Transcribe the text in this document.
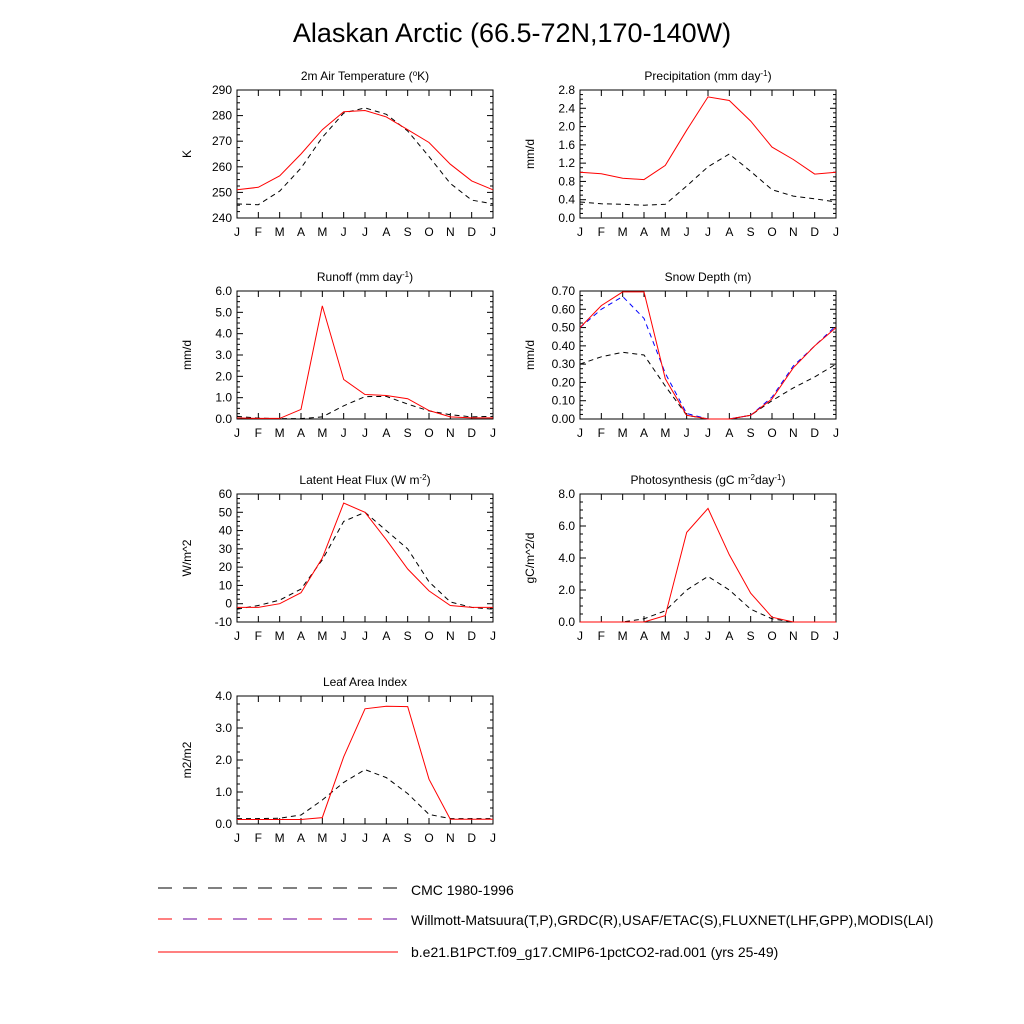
Alaskan Arctic (66.5-72N,170-140W)
J F M A M J J A S O N D J
240
250
260
270
280
290
2m Air Temperature ($^o$K)
K
J F M A M J J A S O N D J
0.0
0.4
0.8
1.2
1.6
2.0
2.4
2.8
Precipitation (mm day$^{-1}$)
mm/d
J F M A M J J A S O N D J
0.0
1.0
2.0
3.0
4.0
5.0
6.0
Runoff (mm day$^{-1}$)
mm/d
J F M A M J J A S O N D J
0.00
0.10
0.20
0.30
0.40
0.50
0.60
0.70
Snow Depth (m)
mm/d
J F M A M J J A S O N D J
-10
0
10
20
30
40
50
60
Latent Heat Flux (W $m^{-2}$)
W/m^2
J F M A M J J A S O N D J
0.0
2.0
4.0
6.0
8.0
Photosynthesis (gC $m^{-2}day^{-1}$)
gC/m^2/d
J F M A M J J A S O N D J
0.0
1.0
2.0
3.0
4.0
Leaf Area Index
m2/m2
CMC 1980-1996
Willmott-Matsuura(T,P),GRDC(R),USAF/ETAC(S),FLUXNET(LHF,GPP),MODIS(LAI)
b.e21.B1PCT.f09_g17.CMIP6-1pctCO2-rad.001 (yrs 25-49)
